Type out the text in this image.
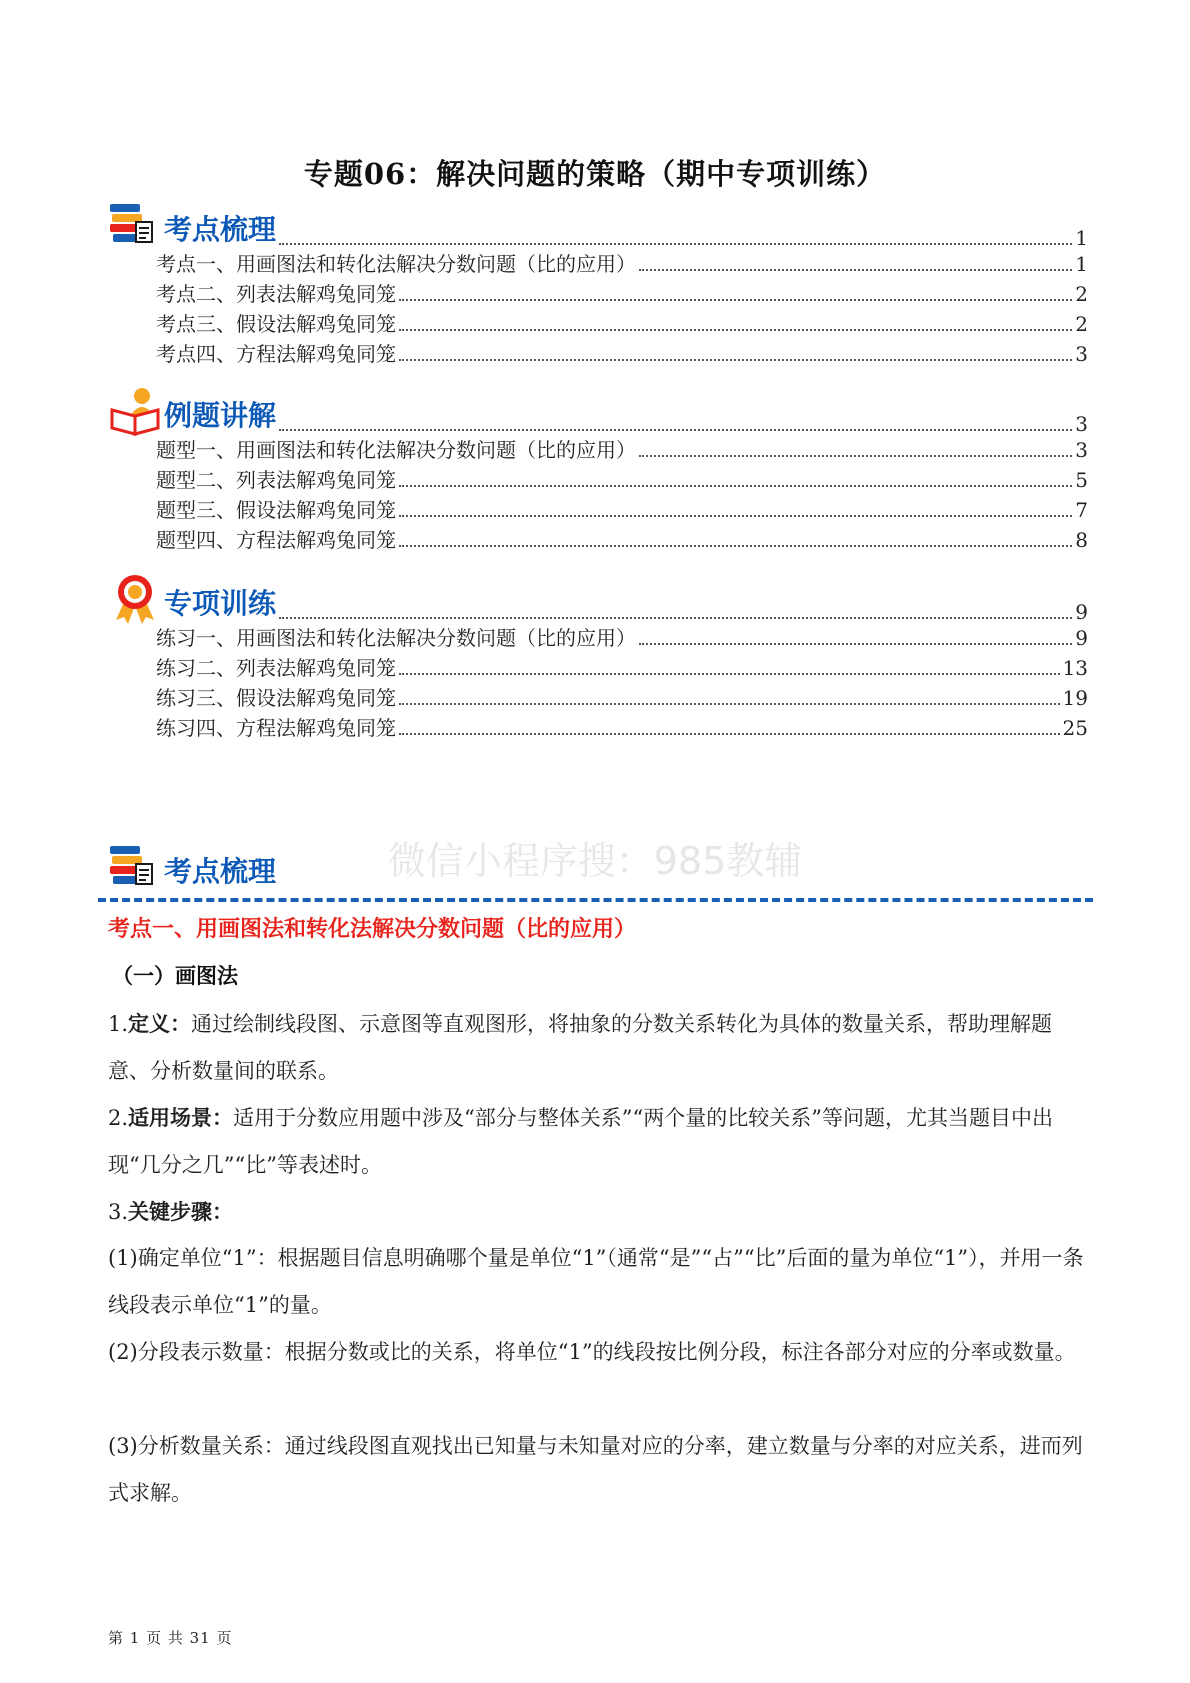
专题06：解决问题的策略（期中专项训练）
考点梳理	1
考点一、用画图法和转化法解决分数问题（比的应用）	1
考点二、列表法解鸡兔同笼	2
考点三、假设法解鸡兔同笼	2
考点四、方程法解鸡兔同笼	3
例题讲解	3
题型一、用画图法和转化法解决分数问题（比的应用）	3
题型二、列表法解鸡兔同笼	5
题型三、假设法解鸡兔同笼	7
题型四、方程法解鸡兔同笼	8
专项训练	9
练习一、用画图法和转化法解决分数问题（比的应用）	9
练习二、列表法解鸡兔同笼	13
练习三、假设法解鸡兔同笼	19
练习四、方程法解鸡兔同笼	25
微信小程序搜：985教辅
考点梳理
考点一、用画图法和转化法解决分数问题（比的应用）
（一）画图法
1.定义：通过绘制线段图、示意图等直观图形，将抽象的分数关系转化为具体的数量关系，帮助理解题意、分析数量间的联系。
2.适用场景：适用于分数应用题中涉及“部分与整体关系”“两个量的比较关系”等问题，尤其当题目中出现“几分之几”“比”等表述时。
3.关键步骤：
(1)确定单位“1”：根据题目信息明确哪个量是单位“1”（通常“是”“占”“比”后面的量为单位“1”），并用一条线段表示单位“1”的量。
(2)分段表示数量：根据分数或比的关系，将单位“1”的线段按比例分段，标注各部分对应的分率或数量。
(3)分析数量关系：通过线段图直观找出已知量与未知量对应的分率，建立数量与分率的对应关系，进而列式求解。
第 1 页 共 31 页
